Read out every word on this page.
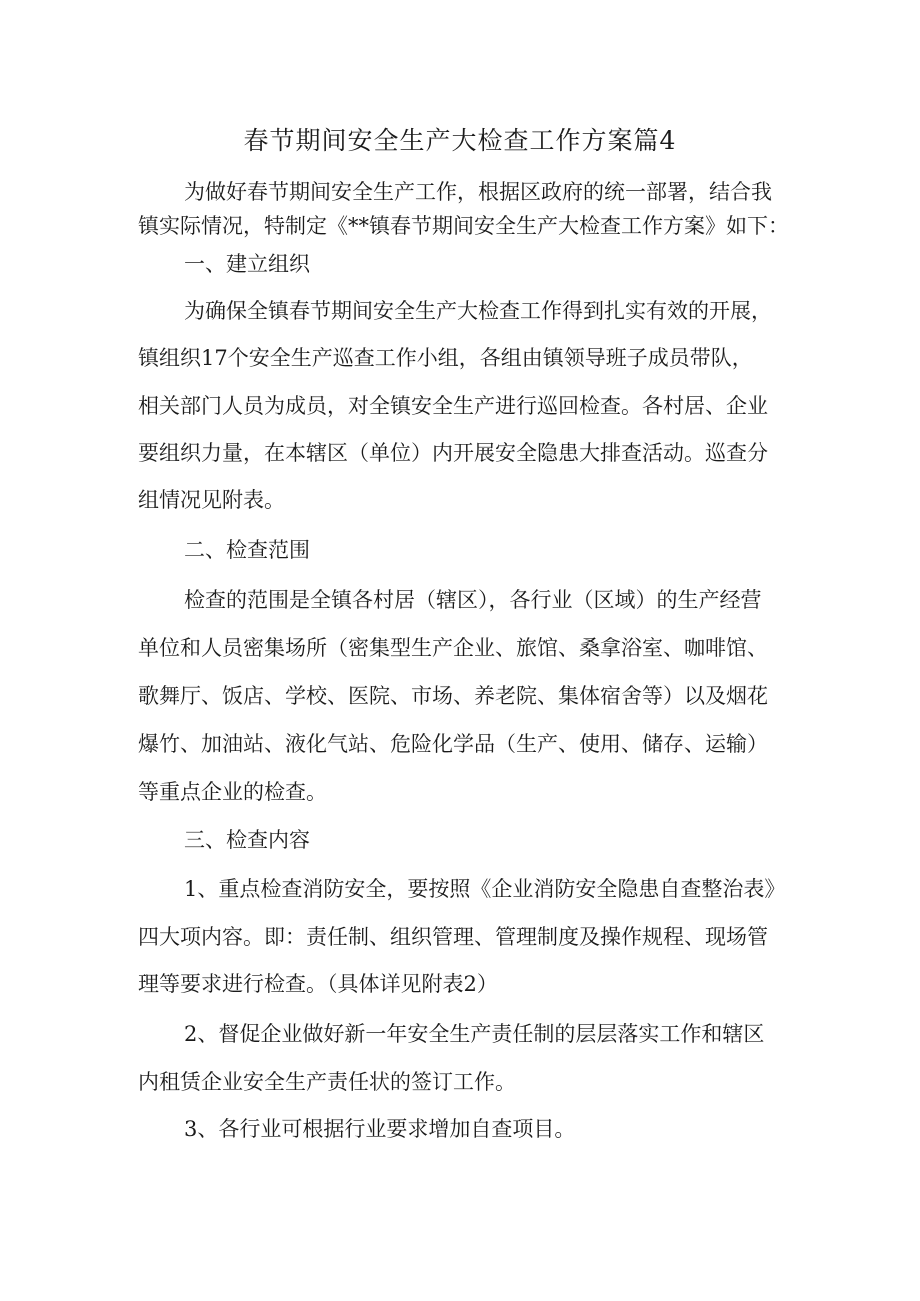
春节期间安全生产大检查工作方案篇4
为做好春节期间安全生产工作，根据区政府的统一部署，结合我
镇实际情况，特制定《**镇春节期间安全生产大检查工作方案》如下：
一、建立组织
为确保全镇春节期间安全生产大检查工作得到扎实有效的开展，
镇组织17个安全生产巡查工作小组，各组由镇领导班子成员带队，
相关部门人员为成员，对全镇安全生产进行巡回检查。各村居、企业
要组织力量，在本辖区（单位）内开展安全隐患大排查活动。巡查分
组情况见附表。
二、检查范围
检查的范围是全镇各村居（辖区），各行业（区域）的生产经营
单位和人员密集场所（密集型生产企业、旅馆、桑拿浴室、咖啡馆、
歌舞厅、饭店、学校、医院、市场、养老院、集体宿舍等）以及烟花
爆竹、加油站、液化气站、危险化学品（生产、使用、储存、运输）
等重点企业的检查。
三、检查内容
1、重点检查消防安全，要按照《企业消防安全隐患自查整治表》
四大项内容。即：责任制、组织管理、管理制度及操作规程、现场管
理等要求进行检查。（具体详见附表2）
2、督促企业做好新一年安全生产责任制的层层落实工作和辖区
内租赁企业安全生产责任状的签订工作。
3、各行业可根据行业要求增加自查项目。
